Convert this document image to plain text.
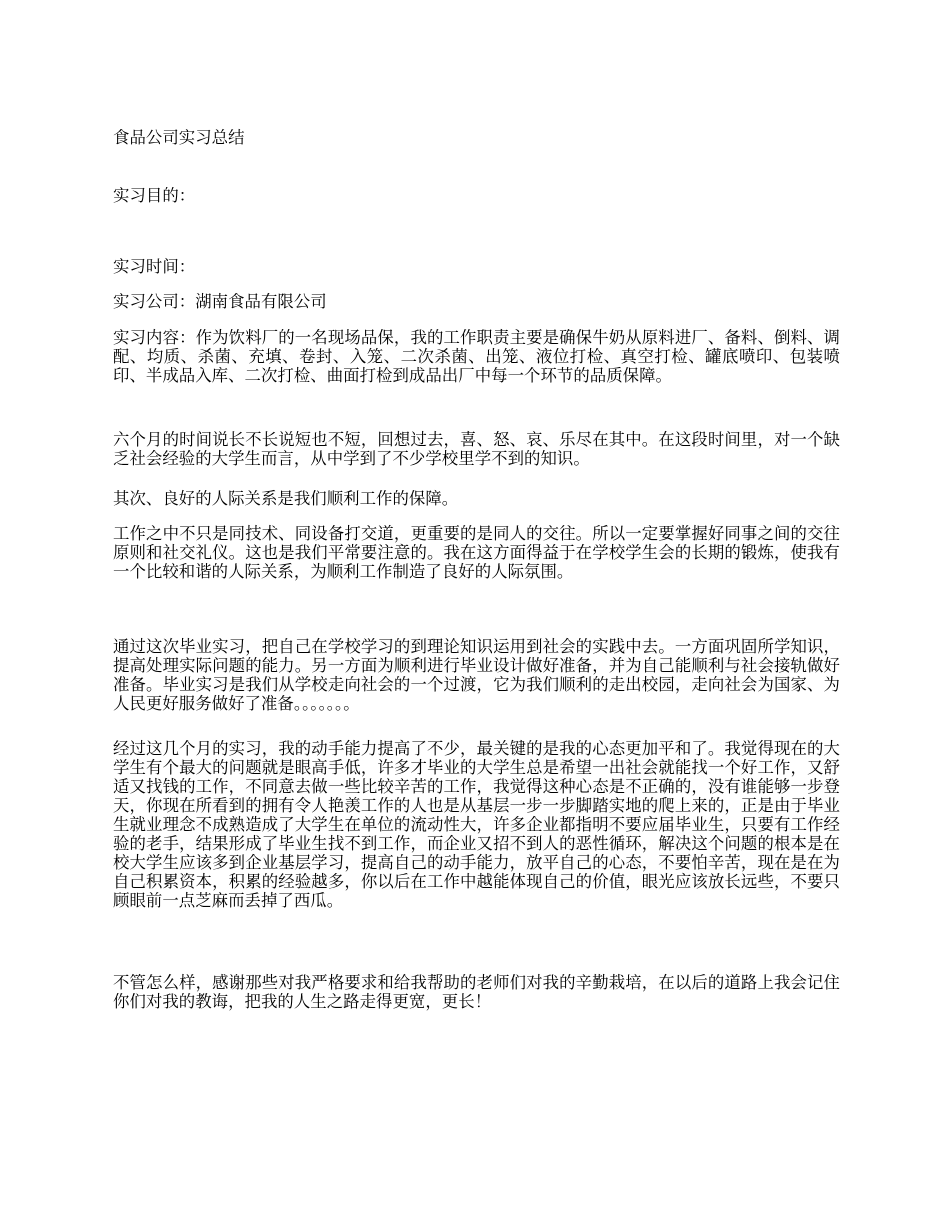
食品公司实习总结

实习目的：

实习时间：

实习公司：湖南食品有限公司

实习内容：作为饮料厂的一名现场品保，我的工作职责主要是确保牛奶从原料进厂、备料、倒料、调配、均质、杀菌、充填、卷封、入笼、二次杀菌、出笼、液位打检、真空打检、罐底喷印、包装喷印、半成品入库、二次打检、曲面打检到成品出厂中每一个环节的品质保障。

六个月的时间说长不长说短也不短，回想过去，喜、怒、哀、乐尽在其中。在这段时间里，对一个缺乏社会经验的大学生而言，从中学到了不少学校里学不到的知识。

其次、良好的人际关系是我们顺利工作的保障。

工作之中不只是同技术、同设备打交道，更重要的是同人的交往。所以一定要掌握好同事之间的交往原则和社交礼仪。这也是我们平常要注意的。我在这方面得益于在学校学生会的长期的锻炼，使我有一个比较和谐的人际关系，为顺利工作制造了良好的人际氛围。

通过这次毕业实习，把自己在学校学习的到理论知识运用到社会的实践中去。一方面巩固所学知识，提高处理实际问题的能力。另一方面为顺利进行毕业设计做好准备，并为自己能顺利与社会接轨做好准备。毕业实习是我们从学校走向社会的一个过渡，它为我们顺利的走出校园，走向社会为国家、为人民更好服务做好了准备。。。。。。。

经过这几个月的实习，我的动手能力提高了不少，最关键的是我的心态更加平和了。我觉得现在的大学生有个最大的问题就是眼高手低，许多才毕业的大学生总是希望一出社会就能找一个好工作，又舒适又找钱的工作，不同意去做一些比较辛苦的工作，我觉得这种心态是不正确的，没有谁能够一步登天，你现在所看到的拥有令人艳羡工作的人也是从基层一步一步脚踏实地的爬上来的，正是由于毕业生就业理念不成熟造成了大学生在单位的流动性大，许多企业都指明不要应届毕业生，只要有工作经验的老手，结果形成了毕业生找不到工作，而企业又招不到人的恶性循环，解决这个问题的根本是在校大学生应该多到企业基层学习，提高自己的动手能力，放平自己的心态，不要怕辛苦，现在是在为自己积累资本，积累的经验越多，你以后在工作中越能体现自己的价值，眼光应该放长远些，不要只顾眼前一点芝麻而丢掉了西瓜。

不管怎么样，感谢那些对我严格要求和给我帮助的老师们对我的辛勤栽培，在以后的道路上我会记住你们对我的教诲，把我的人生之路走得更宽，更长！
